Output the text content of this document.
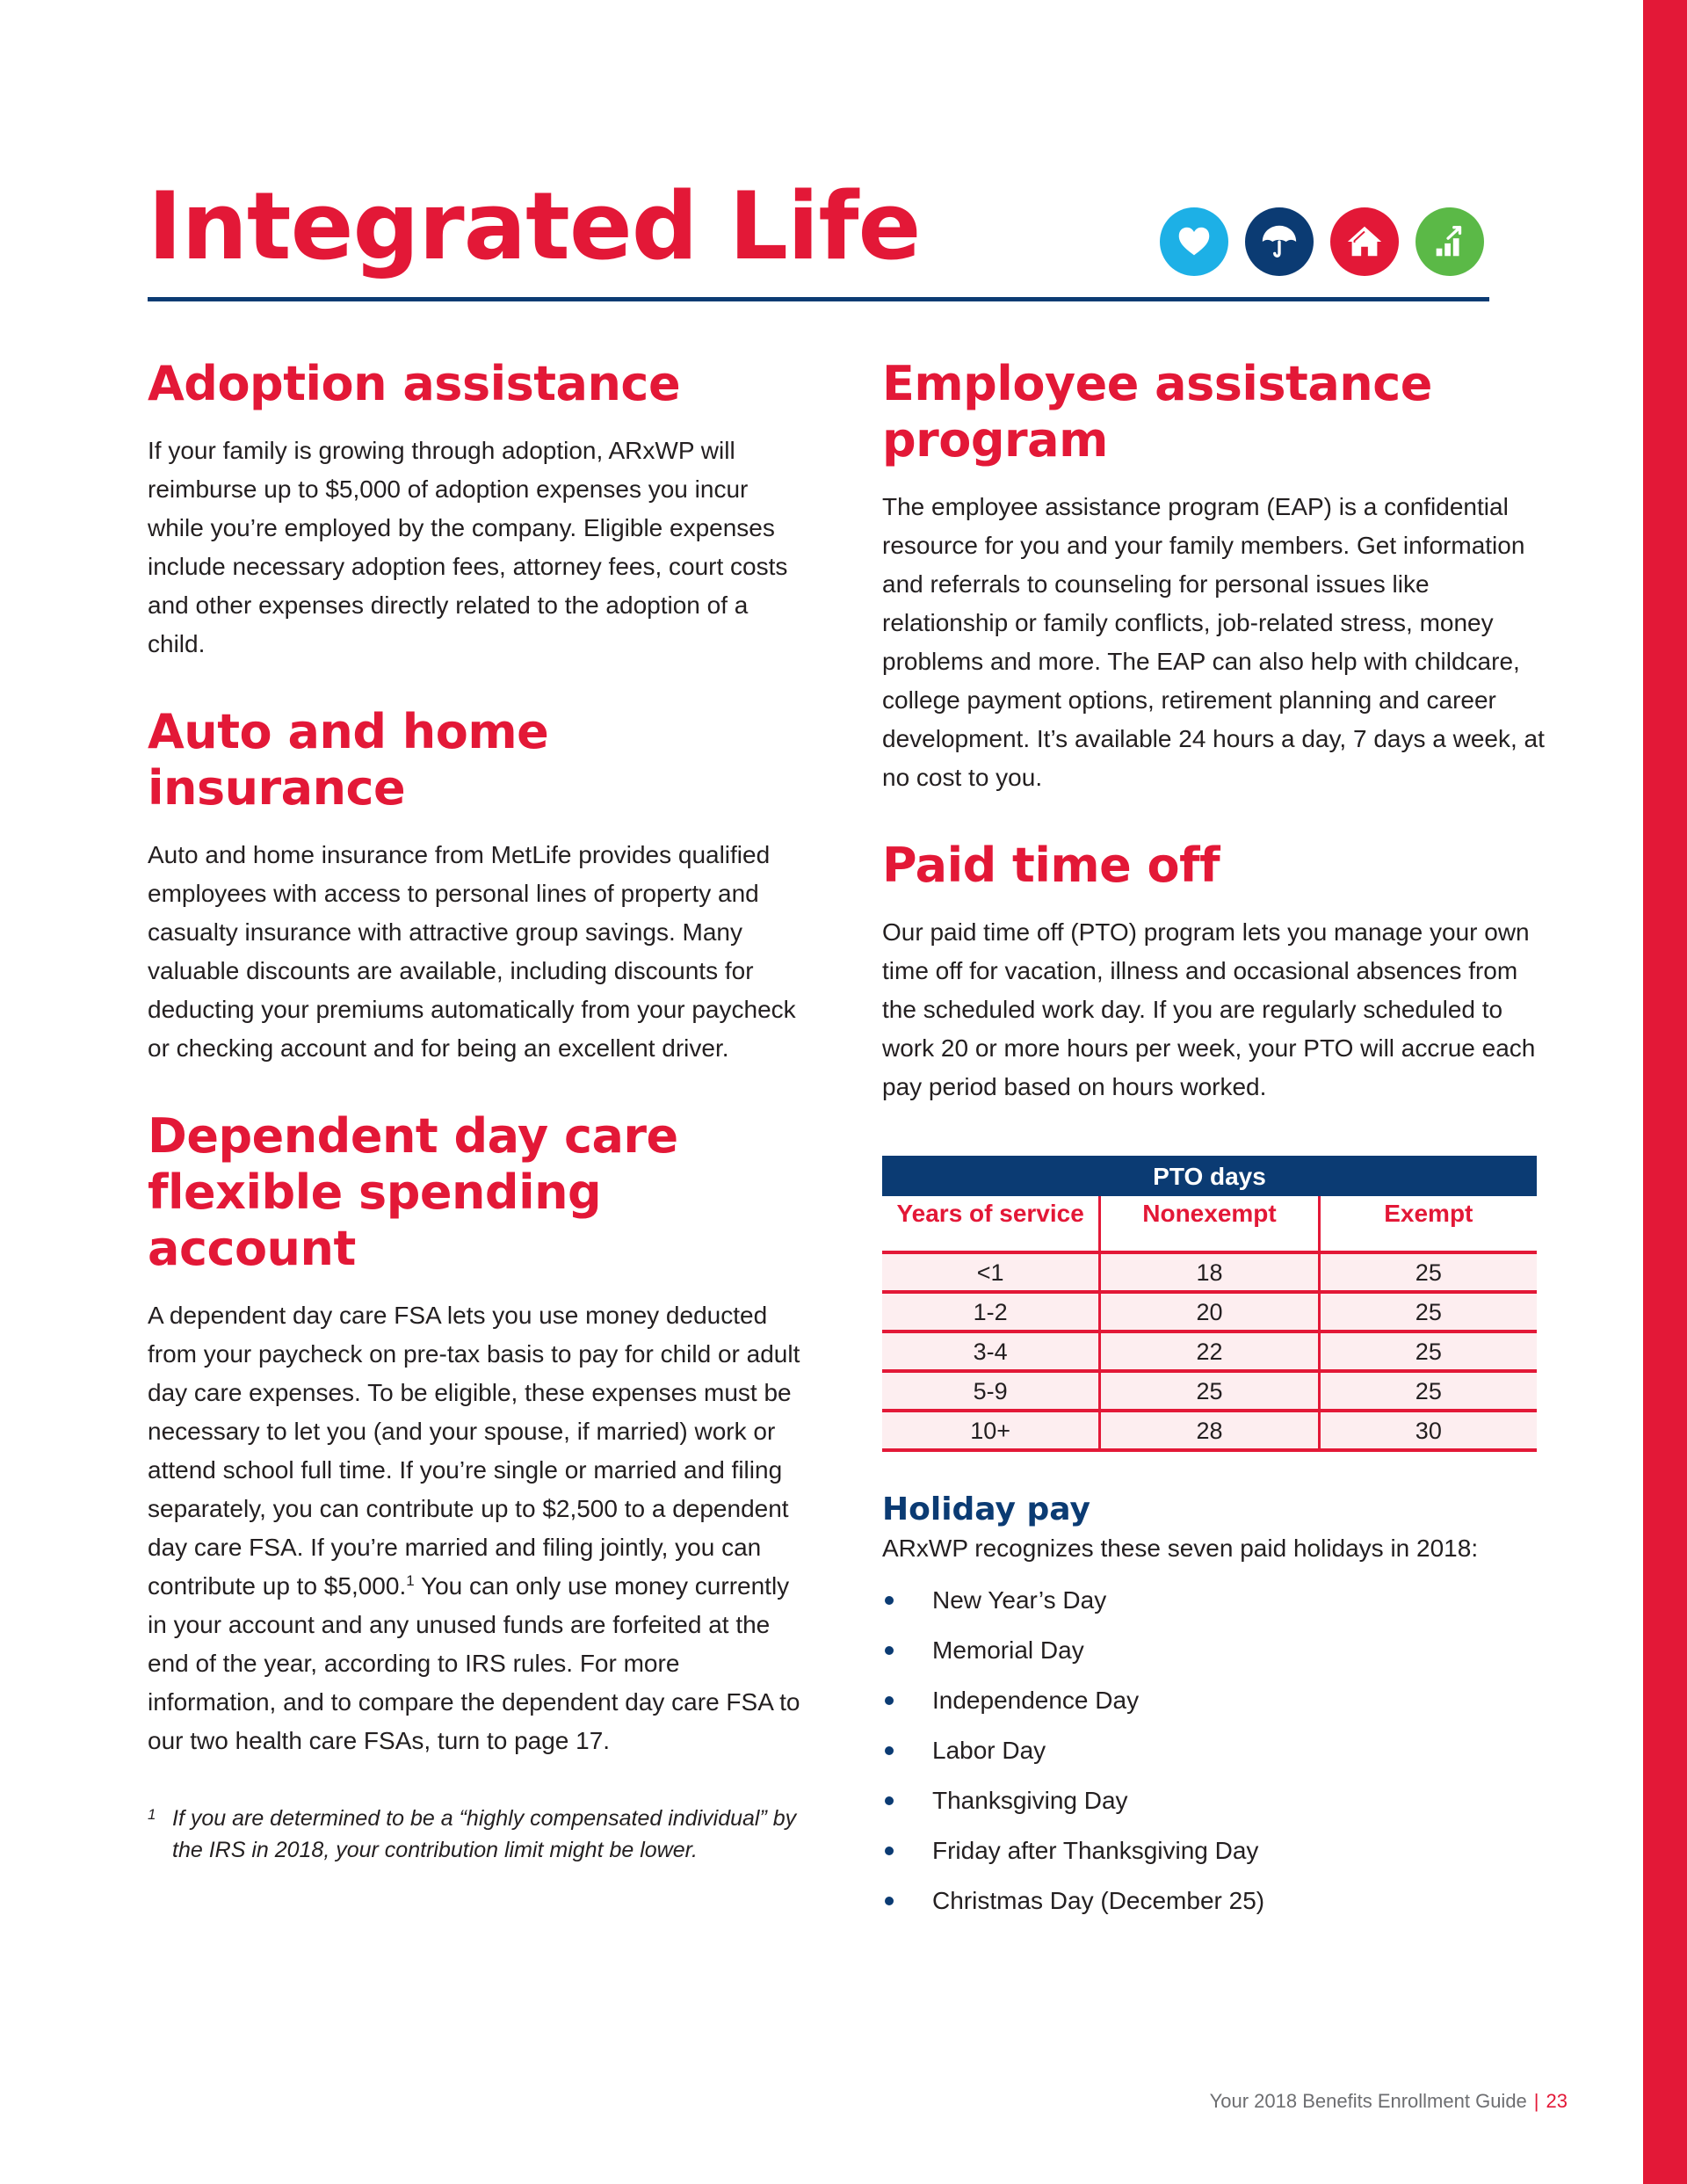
Integrated Life
Adoption assistance

If your family is growing through adoption, ARxWP will reimburse up to $5,000 of adoption expenses you incur while you’re employed by the company. Eligible expenses include necessary adoption fees, attorney fees, court costs and other expenses directly related to the adoption of a child.

Auto and home insurance

Auto and home insurance from MetLife provides qualified employees with access to personal lines of property and casualty insurance with attractive group savings. Many valuable discounts are available, including discounts for deducting your premiums automatically from your paycheck or checking account and for being an excellent driver.

Dependent day care
flexible spending account

A dependent day care FSA lets you use money deducted from your paycheck on pre-tax basis to pay for child or adult day care expenses. To be eligible, these expenses must be necessary to let you (and your spouse, if married) work or attend school full time. If you’re single or married and filing separately, you can contribute up to $2,500 to a dependent day care FSA. If you’re married and filing jointly, you can contribute up to $5,000.$^1$ You can only use money currently in your account and any unused funds are forfeited at the end of the year, according to IRS rules. For more information, and to compare the dependent day care FSA to our two health care FSAs, turn to page 17.

1 If you are determined to be a “highly compensated individual” by the IRS in 2018, your contribution limit might be lower.
Employee assistance
program

The employee assistance program (EAP) is a confidential resource for you and your family members. Get information and referrals to counseling for personal issues like relationship or family conflicts, job-related stress, money problems and more. The EAP can also help with childcare, college payment options, retirement planning and career development. It’s available 24 hours a day, 7 days a week, at no cost to you.

Paid time off

Our paid time off (PTO) program lets you manage your own time off for vacation, illness and occasional absences from the scheduled work day. If you are regularly scheduled to work 20 or more hours per week, your PTO will accrue each pay period based on hours worked.

PTO days
Years of service	Nonexempt	Exempt
<1	18	25
1-2	20	25
3-4	22	25
5-9	25	25
10+	28	30
Holiday pay

ARxWP recognizes these seven paid holidays in 2018:

New Year’s Day
Memorial Day
Independence Day
Labor Day
Thanksgiving Day
Friday after Thanksgiving Day
Christmas Day (December 25)
Your 2018 Benefits Enrollment Guide | 23
